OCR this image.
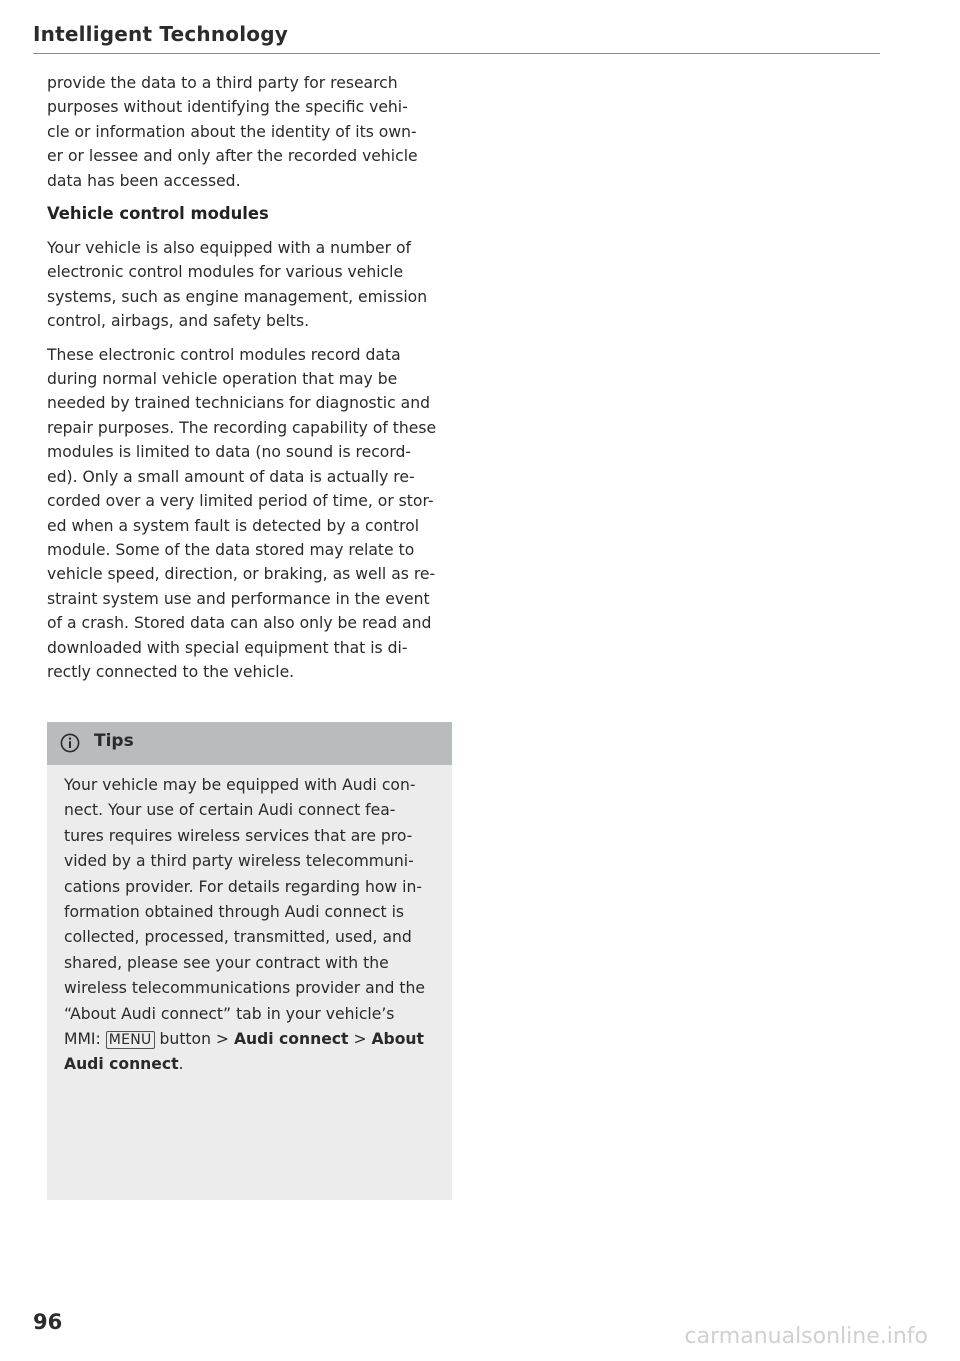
Intelligent Technology

provide the data to a third party for research
purposes without identifying the specific vehi-
cle or information about the identity of its own-
er or lessee and only after the recorded vehicle
data has been accessed.

Vehicle control modules

Your vehicle is also equipped with a number of
electronic control modules for various vehicle
systems, such as engine management, emission
control, airbags, and safety belts.

These electronic control modules record data
during normal vehicle operation that may be
needed by trained technicians for diagnostic and
repair purposes. The recording capability of these
modules is limited to data (no sound is record-
ed). Only a small amount of data is actually re-
corded over a very limited period of time, or stor-
ed when a system fault is detected by a control
module. Some of the data stored may relate to
vehicle speed, direction, or braking, as well as re-
straint system use and performance in the event
of a crash. Stored data can also only be read and
downloaded with special equipment that is di-
rectly connected to the vehicle.

Tips
Your vehicle may be equipped with Audi con-
nect. Your use of certain Audi connect fea-
tures requires wireless services that are pro-
vided by a third party wireless telecommuni-
cations provider. For details regarding how in-
formation obtained through Audi connect is
collected, processed, transmitted, used, and
shared, please see your contract with the
wireless telecommunications provider and the
“About Audi connect” tab in your vehicle’s
MMI: MENU button > Audi connect > About
Audi connect.
96
carmanualsonline.info
